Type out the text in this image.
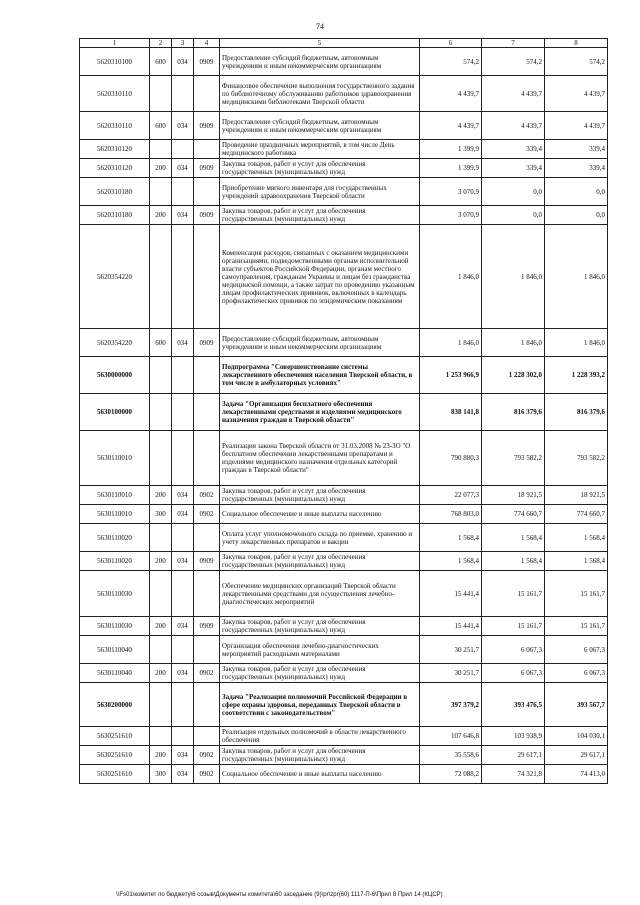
74
1	2	3	4	5	6	7	8
5620310100	600	034	0909	Предоставление субсидий бюджетным, автономным учреждениям и иным некоммерческим организациям	574,2	574,2	574,2
5620310110				Финансовое обеспечение выполнения государственного задания по библиотечному обслуживанию работников здравоохранения медицинскими библиотеками Тверской области	4 439,7	4 439,7	4 439,7
5620310110	600	034	0909	Предоставление субсидий бюджетным, автономным учреждениям и иным некоммерческим организациям	4 439,7	4 439,7	4 439,7
5620310120				Проведение праздничных мероприятий, в том числе День медицинского работника	1 399,9	339,4	339,4
5620310120	200	034	0909	Закупка товаров, работ и услуг для обеспечения государственных (муниципальных) нужд	1 399,9	339,4	339,4
5620310180				Приобретение мягкого инвентаря для государственных учреждений здравоохранения Тверской области	3 070,9	0,0	0,0
5620310180	200	034	0909	Закупка товаров, работ и услуг для обеспечения государственных (муниципальных) нужд	3 070,9	0,0	0,0
5620354220				Компенсация расходов, связанных с оказанием медицинскими организациями, подведомственными органам исполнительной власти субъектов Российской Федерации, органам местного самоуправления, гражданам Украины и лицам без гражданства медицинской помощи, а также затрат по проведению указанным лицам профилактических прививок, включенных в календарь профилактических прививок по эпидемическим показаниям	1 846,0	1 846,0	1 846,0
5620354220	600	034	0909	Предоставление субсидий бюджетным, автономным учреждениям и иным некоммерческим организациям	1 846,0	1 846,0	1 846,0
5630000000				Подпрограмма "Совершенствование системы лекарственного обеспечения населения Тверской области, в том числе в амбулаторных условиях"	1 253 966,9	1 228 302,0	1 228 393,2
5630100000				Задача "Организация бесплатного обеспечения лекарственными средствами и изделиями медицинского назначения граждан в Тверской области"	838 141,8	816 379,6	816 379,6
5630110010				Реализация закона Тверской области от 31.03.2008 № 23-ЗО "О бесплатном обеспечении лекарственными препаратами и изделиями медицинского назначения отдельных категорий граждан в Тверской области"	790 880,3	793 582,2	793 582,2
5630110010	200	034	0902	Закупка товаров, работ и услуг для обеспечения государственных (муниципальных) нужд	22 077,3	18 921,5	18 921,5
5630110010	300	034	0902	Социальное обеспечение и иные выплаты населению	768 803,0	774 660,7	774 660,7
5630110020				Оплата услуг уполномоченного склада по приемке, хранению и учету лекарственных препаратов и вакцин	1 568,4	1 568,4	1 568,4
5630110020	200	034	0909	Закупка товаров, работ и услуг для обеспечения государственных (муниципальных) нужд	1 568,4	1 568,4	1 568,4
5630110030				Обеспечение медицинских организаций Тверской области лекарственными средствами для осуществления лечебно-диагностических мероприятий	15 441,4	15 161,7	15 161,7
5630110030	200	034	0909	Закупка товаров, работ и услуг для обеспечения государственных (муниципальных) нужд	15 441,4	15 161,7	15 161,7
5630110040				Организация обеспечения лечебно-диагностических мероприятий расходными материалами	30 251,7	6 067,3	6 067,3
5630110040	200	034	0902	Закупка товаров, работ и услуг для обеспечения государственных (муниципальных) нужд	30 251,7	6 067,3	6 067,3
5630200000				Задача "Реализация полномочий Российской Федерации в сфере охраны здоровья, переданных Тверской области в соответствии с законодательством"	397 379,2	393 476,5	393 567,7
5630251610				Реализация отдельных полномочий в области лекарственного обеспечения	107 646,8	103 938,9	104 030,1
5630251610	200	034	0902	Закупка товаров, работ и услуг для обеспечения государственных (муниципальных) нужд	35 558,6	29 617,1	29 617,1
5630251610	300	034	0902	Социальное обеспечение и иные выплаты населению	72 088,2	74 321,8	74 413,0
\\Fs01\комитет по бюджету\6 созыв\Документы комитета\60 заседание (9)\pr\zpr(60) 1117-П-6\Прил 8 Прил 14 (КЦСР)
